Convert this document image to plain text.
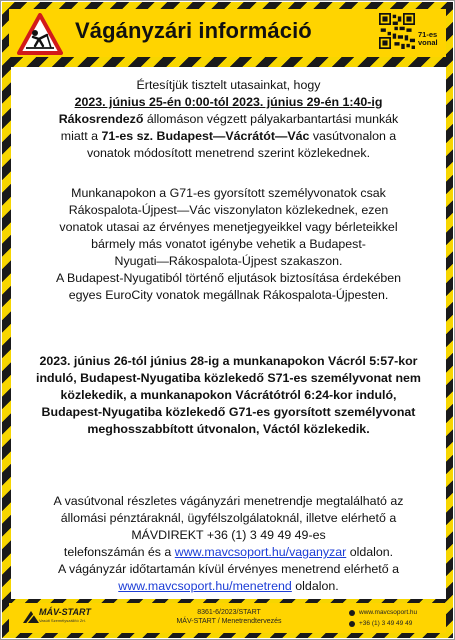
Vágányzári információ	71-es
vonal
Értesítjük tisztelt utasainkat, hogy
2023. június 25-én 0:00-tól 2023. június 29-én 1:40-ig
Rákosrendező állomáson végzett pályakarbantartási munkák
miatt a 71-es sz. Budapest—Vácrátót—Vác vasútvonalon a
vonatok módosított menetrend szerint közlekednek.
Munkanapokon a G71-es gyorsított személyvonatok csak
Rákospalota-Újpest—Vác viszonylaton közlekednek, ezen
vonatok utasai az érvényes menetjegyeikkel vagy bérleteikkel
bármely más vonatot igénybe vehetik a Budapest-
Nyugati—Rákospalota-Újpest szakaszon.
A Budapest-Nyugatiból történő eljutások biztosítása érdekében
egyes EuroCity vonatok megállnak Rákospalota-Újpesten.
2023. június 26-tól június 28-ig a munkanapokon Vácról 5:57-kor
induló, Budapest-Nyugatiba közlekedő S71-es személyvonat nem
közlekedik, a munkanapokon Vácrátótról 6:24-kor induló,
Budapest-Nyugatiba közlekedő G71-es gyorsított személyvonat
meghosszabbított útvonalon, Váctól közlekedik.
A vasútvonal részletes vágányzári menetrendje megtalálható az
állomási pénztáraknál, ügyfélszolgálatoknál, illetve elérhető a
MÁVDIREKT +36 (1) 3 49 49 49-es
telefonszámán és a www.mavcsoport.hu/vaganyzar oldalon.
A vágányzár időtartamán kívül érvényes menetrend elérhető a
www.mavcsoport.hu/menetrend oldalon.
MÁV-START
Vasúti Személyszállító Zrt.
8361-6/2023/START
MÁV-START / Menetrendtervezés
www.mavcsoport.hu
+36 (1) 3 49 49 49
